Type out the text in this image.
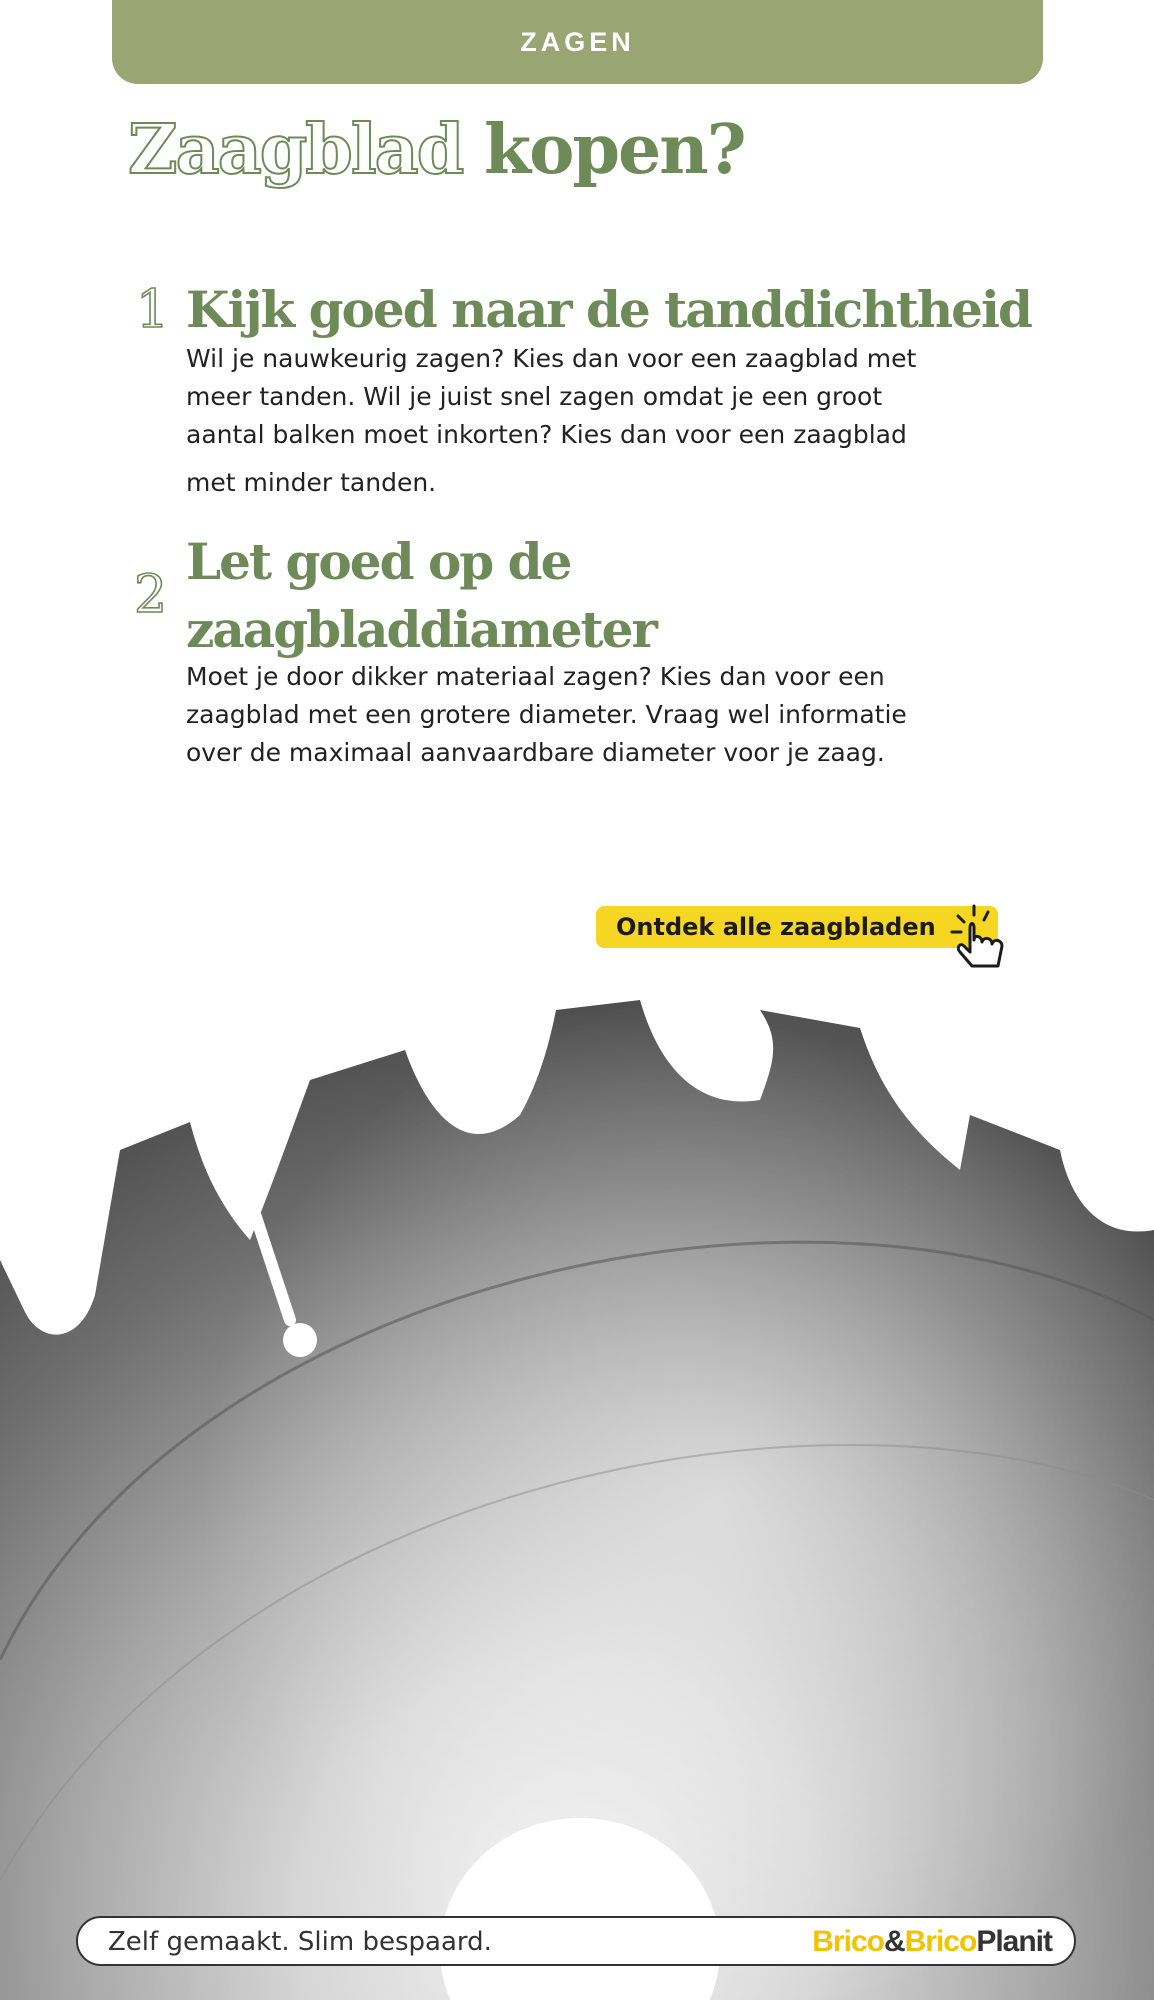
ZAGEN
Zaagblad kopen?
1 Kijk goed naar de tanddichtheid
Wil je nauwkeurig zagen? Kies dan voor een zaagblad met
meer tanden. Wil je juist snel zagen omdat je een groot
aantal balken moet inkorten? Kies dan voor een zaagblad
met minder tanden.
2
Let goed op de
zaagbladdiameter
Moet je door dikker materiaal zagen? Kies dan voor een
zaagblad met een grotere diameter. Vraag wel informatie
over de maximaal aanvaardbare diameter voor je zaag.
Ontdek alle zaagbladen
Zelf gemaakt. Slim bespaard.	Brico&BricoPlanit
